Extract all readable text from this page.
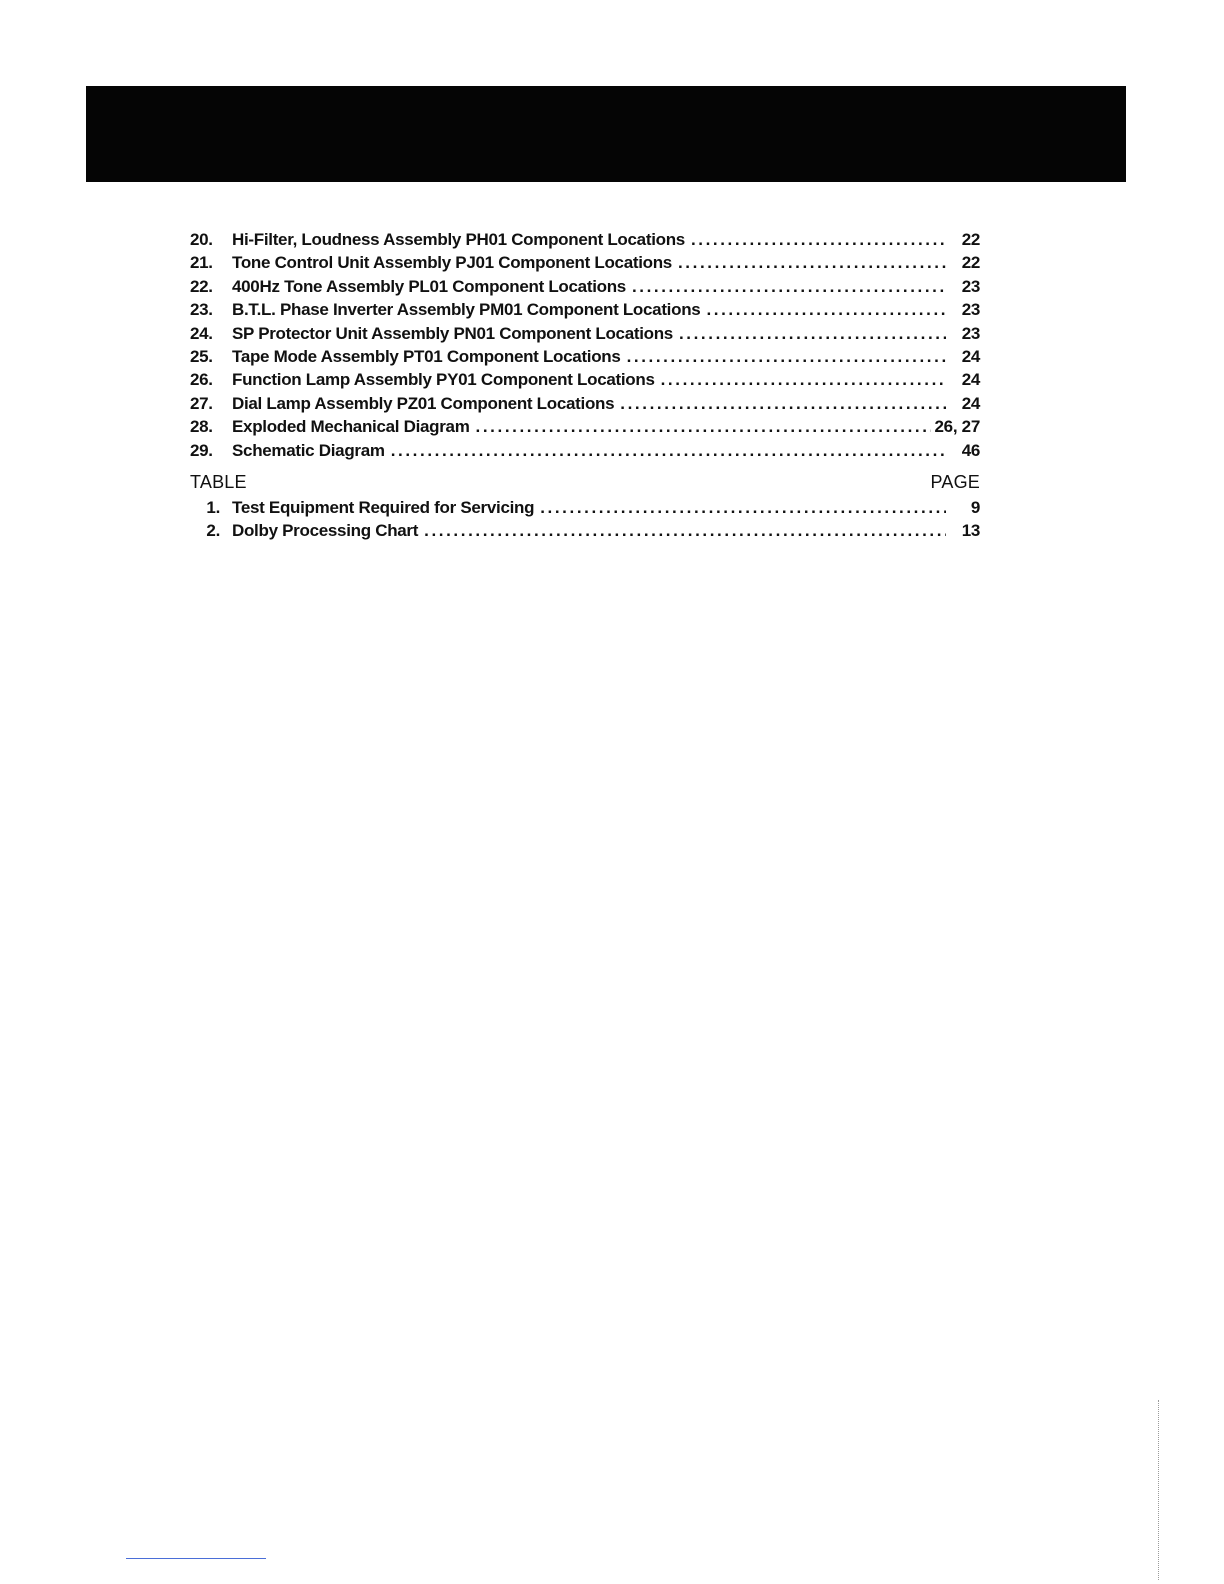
20.	Hi-Filter, Loudness Assembly PH01 Component Locations .....	22
21.	Tone Control Unit Assembly PJ01 Component Locations .....	22
22.	400Hz Tone Assembly PL01 Component Locations .....	23
23.	B.T.L. Phase Inverter Assembly PM01 Component Locations .....	23
24.	SP Protector Unit Assembly PN01 Component Locations .....	23
25.	Tape Mode Assembly PT01 Component Locations .....	24
26.	Function Lamp Assembly PY01 Component Locations .....	24
27.	Dial Lamp Assembly PZ01 Component Locations .....	24
28.	Exploded Mechanical Diagram .....	26, 27
29.	Schematic Diagram .....	46
TABLE	PAGE
1. Test Equipment Required for Servicing .....	9
2. Dolby Processing Chart .....	13
